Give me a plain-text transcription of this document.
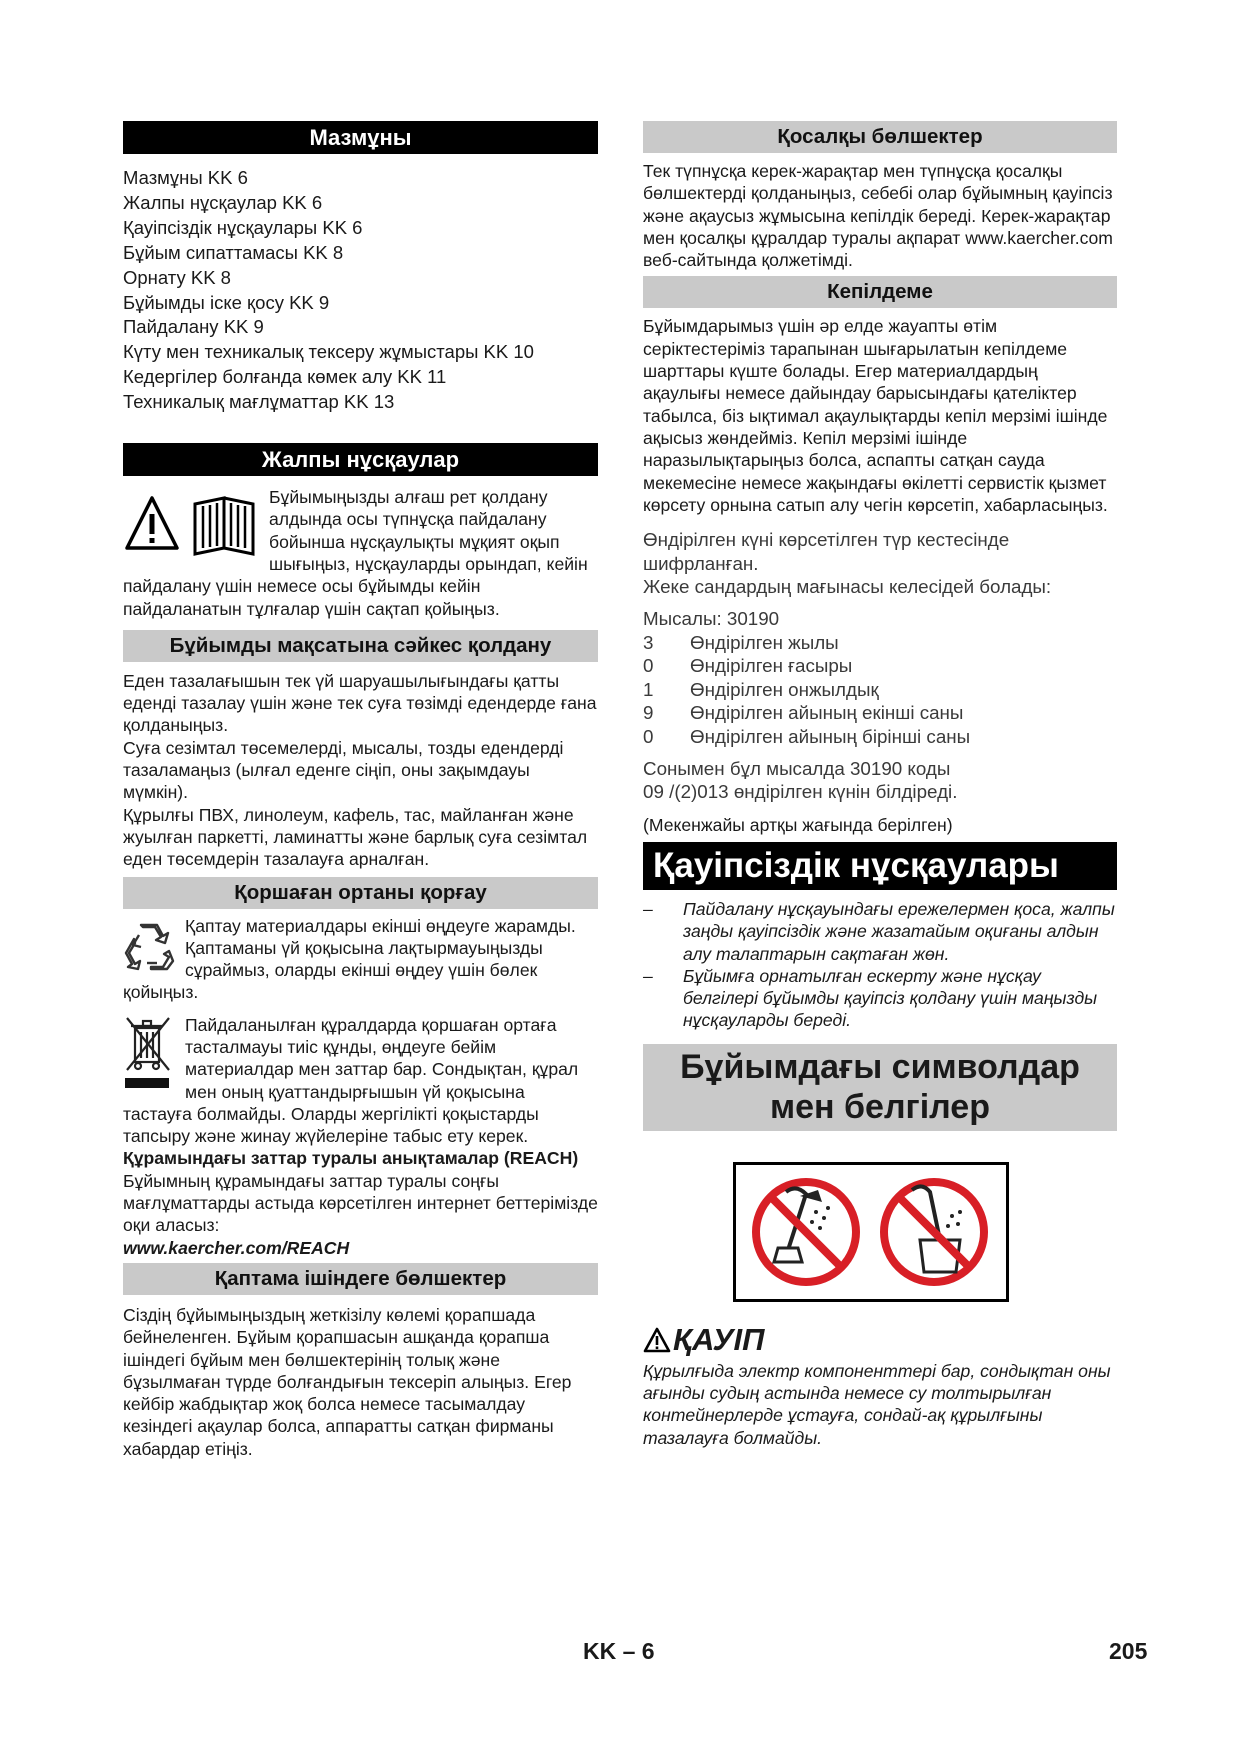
Мазмұны
Мазмұны KK 6
Жалпы нұсқаулар KK 6
Қауіпсіздік нұсқаулары KK 6
Бұйым сипаттамасы KK 8
Орнату KK 8
Бұйымды іске қосу KK 9
Пайдалану KK 9
Күту мен техникалық тексеру жұмыстары KK 10
Кедергілер болғанда көмек алу KK 11
Техникалық мағлұматтар KK 13
Жалпы нұсқаулар
Бұйымыңызды алғаш рет қолдану алдында осы түпнұсқа пайдалану бойынша нұсқаулықты мұқият оқып шығыңыз, нұсқауларды орындап, кейін пайдалану үшін немесе осы бұйымды кейін пайдаланатын тұлғалар үшін сақтап қойыңыз.
Бұйымды мақсатына сәйкес қолдану
Еден тазалағышын тек үй шаруашылығындағы қатты еденді тазалау үшін және тек суға төзімді едендерде ғана қолданыңыз.
Суға сезімтал төсемелерді, мысалы, тозды едендерді тазаламаңыз (ылғал еденге сіңіп, оны зақымдауы мүмкін).
Құрылғы ПВХ, линолеум, кафель, тас, майланған және жуылған паркетті, ламинатты және барлық суға сезімтал еден төсемдерін тазалауға арналған.
Қоршаған ортаны қорғау
Қаптау материалдары екінші өңдеуге жарамды. Қаптаманы үй қоқысына лақтырмауыңызды сұраймыз, оларды екінші өңдеу үшін бөлек қойыңыз.
Пайдаланылған құралдарда қоршаған ортаға тасталмауы тиіс құнды, өңдеуге бейім материалдар мен заттар бар. Сондықтан, құрал мен оның қуаттандырғышын үй қоқысына тастауға болмайды. Оларды жергілікті қоқыстарды тапсыру және жинау жүйелеріне табыс ету керек.
Құрамындағы заттар туралы анықтамалар (REACH)
Бұйымның құрамындағы заттар туралы соңғы мағлұматтарды астыда көрсетілген интернет беттерімізде оқи аласыз:
www.kaercher.com/REACH
Қаптама ішіндеге бөлшектер
Сіздің бұйымыңыздың жеткізілу көлемі қорапшада бейнеленген. Бұйым қорапшасын ашқанда қорапша ішіндегі бұйым мен бөлшектерінің толық және бұзылмаған түрде болғандығын тексеріп алыңыз. Егер кейбір жабдықтар жоқ болса немесе тасымалдау кезіндегі ақаулар болса, аппаратты сатқан фирманы хабардар етіңіз.
Қосалқы бөлшектер
Тек түпнұсқа керек-жарақтар мен түпнұсқа қосалқы бөлшектерді қолданыңыз, себебі олар бұйымның қауіпсіз және ақаусыз жұмысына кепілдік береді. Керек-жарақтар мен қосалқы құралдар туралы ақпарат www.kaercher.com веб-сайтында қолжетімді.
Кепілдеме
Бұйымдарымыз үшін әр елде жауапты өтім серіктестеріміз тарапынан шығарылатын кепілдеме шарттары күште болады. Егер материалдардың ақаулығы немесе дайындау барысындағы қателіктер табылса, біз ықтимал ақаулықтарды кепіл мерзімі ішінде ақысыз жөндейміз. Кепіл мерзімі ішінде наразылықтарыңыз болса, аспапты сатқан сауда мекемесіне немесе жақындағы өкілетті сервистік қызмет көрсету орнына сатып алу чегін көрсетіп, хабарласыңыз.
Өндірілген күні көрсетілген түр кестесінде шифрланған.
Жеке сандардың мағынасы келесідей болады:
Мысалы: 30190
3	Өндірілген жылы
0	Өндірілген ғасыры
1	Өндірілген онжылдық
9	Өндірілген айының екінші саны
0	Өндірілген айының бірінші саны
Сонымен бұл мысалда 30190 коды
09 /(2)013 өндірілген күнін білдіреді.
(Мекенжайы артқы жағында берілген)
Қауіпсіздік нұсқаулары
–	Пайдалану нұсқауындағы ережелермен қоса, жалпы заңды қауіпсіздік және жазатайым оқиғаны алдын алу талаптарын сақтаған жөн.
–	Бұйымға орнатылған ескерту және нұсқау белгілері бұйымды қауіпсіз қолдану үшін маңызды нұсқауларды береді.
Бұйымдағы символдар
мен белгілер
ҚАУІП
Құрылғыда электр компоненттері бар, сондықтан оны ағынды судың астында немесе су толтырылған контейнерлерде ұстауға, сондай-ақ құрылғыны тазалауға болмайды.
KK – 6	205
